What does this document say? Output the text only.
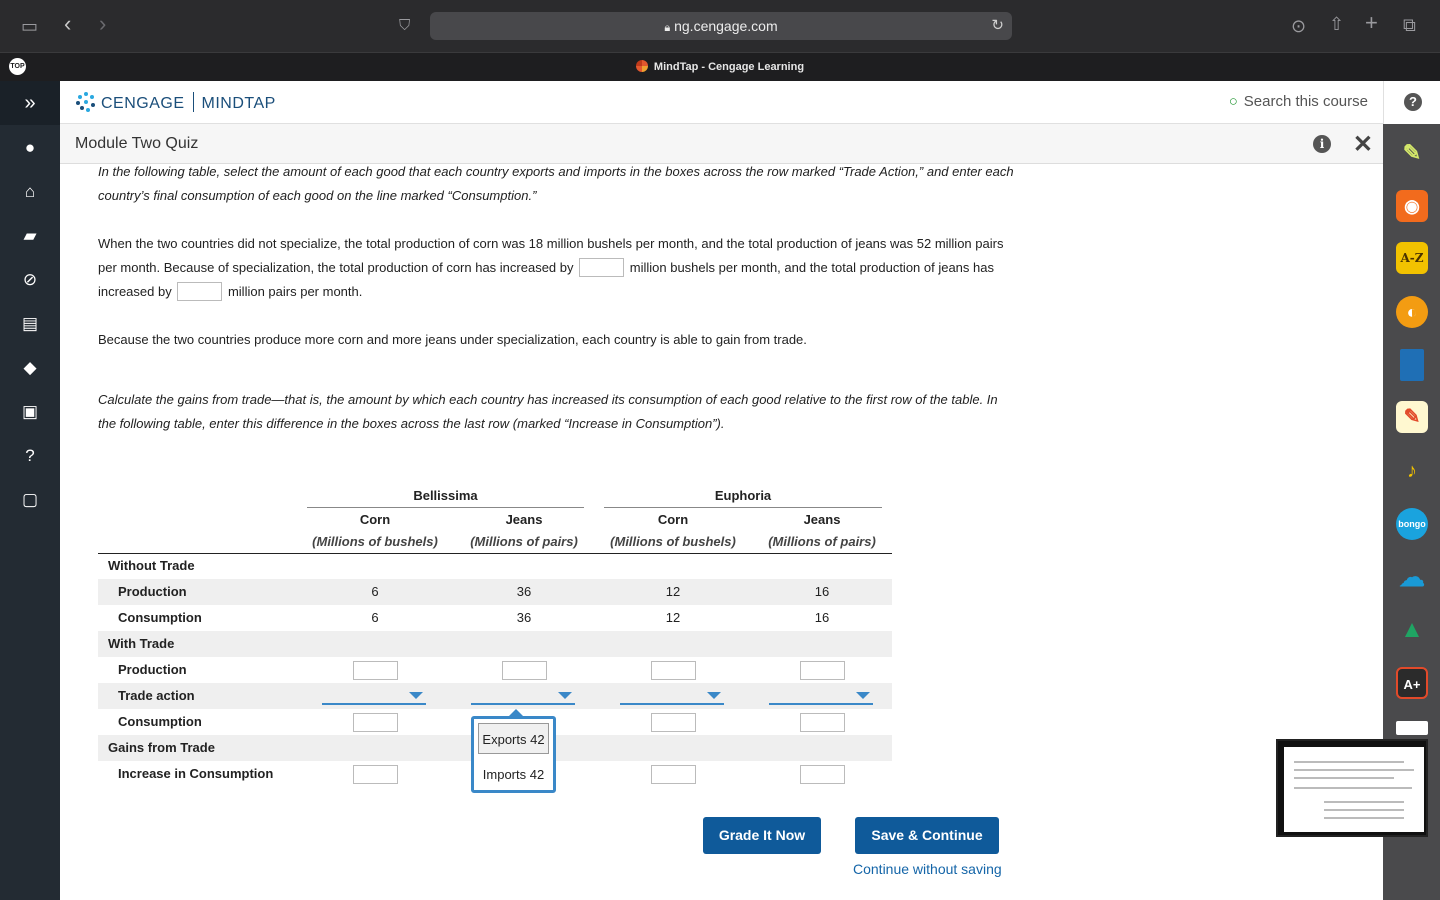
▭ ‹ ›	⛉	🔒︎ ng.cengage.com	↻	⊙ ⇧ + ⧉
MindTap - Cengage Learning
TOP
»
●
⌂
▰
⊘
▤
◆
▣
?
▢
CENGAGE MINDTAP	○ Search this course	?
✎
◉
A-Z
◐
✎
♪
bongo
☁
▲
A+
Module Two Quiz	i ✕
In the following table, select the amount of each good that each country exports and imports in the boxes across the row marked “Trade Action,” and enter each country’s final consumption of each good on the line marked “Consumption.”
When the two countries did not specialize, the total production of corn was 18 million bushels per month, and the total production of jeans was 52 million pairs per month. Because of specialization, the total production of corn has increased by	million bushels per month, and the total production of jeans has increased by	million pairs per month.
Because the two countries produce more corn and more jeans under specialization, each country is able to gain from trade.
Calculate the gains from trade—that is, the amount by which each country has increased its consumption of each good relative to the first row of the table. In the following table, enter this difference in the boxes across the last row (marked “Increase in Consumption”).
Bellissima	Euphoria
Corn	Jeans	Corn	Jeans
(Millions of bushels)	(Millions of pairs)	(Millions of bushels)	(Millions of pairs)
Without Trade
Production	6	36	12	16
Consumption	6	36	12	16
With Trade
Production
Trade action
Consumption
Gains from Trade
Increase in Consumption
Exports 42
Imports 42
Grade It Now	Save & Continue
Continue without saving
